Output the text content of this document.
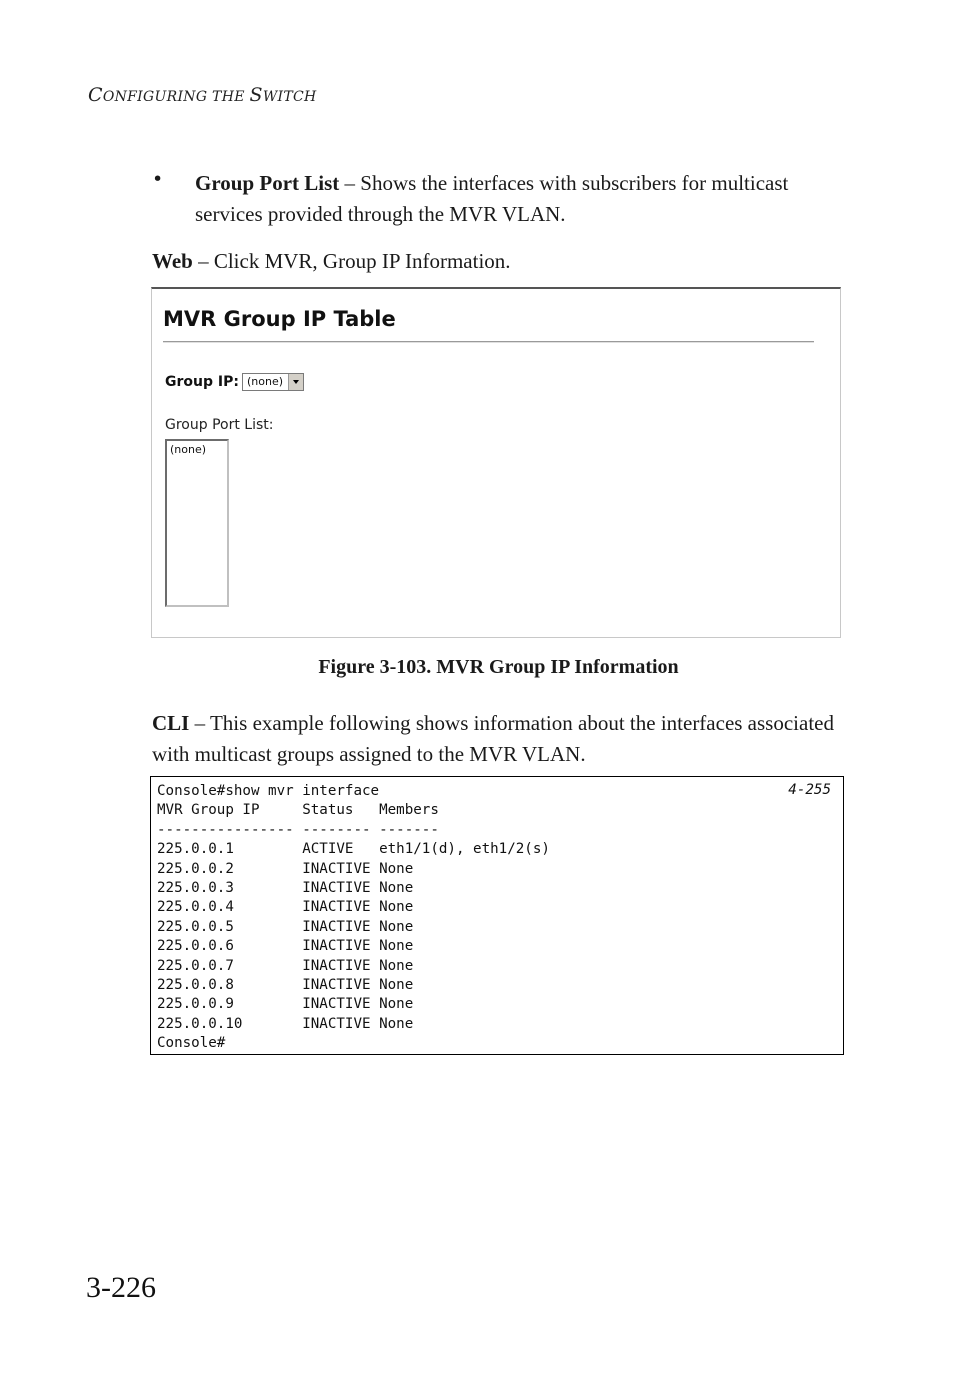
CONFIGURING THE SWITCH
• Group Port List – Shows the interfaces with subscribers for multicast services provided through the MVR VLAN.
Web – Click MVR, Group IP Information.
MVR Group IP Table
Group IP: (none)
Group Port List:
(none)
Figure 3-103. MVR Group IP Information
CLI – This example following shows information about the interfaces associated with multicast groups assigned to the MVR VLAN.
Console#show mvr interface
MVR Group IP     Status   Members
---------------- -------- -------
225.0.0.1        ACTIVE   eth1/1(d), eth1/2(s)
225.0.0.2        INACTIVE None
225.0.0.3        INACTIVE None
225.0.0.4        INACTIVE None
225.0.0.5        INACTIVE None
225.0.0.6        INACTIVE None
225.0.0.7        INACTIVE None
225.0.0.8        INACTIVE None
225.0.0.9        INACTIVE None
225.0.0.10       INACTIVE None
Console#
4-255
3-226
